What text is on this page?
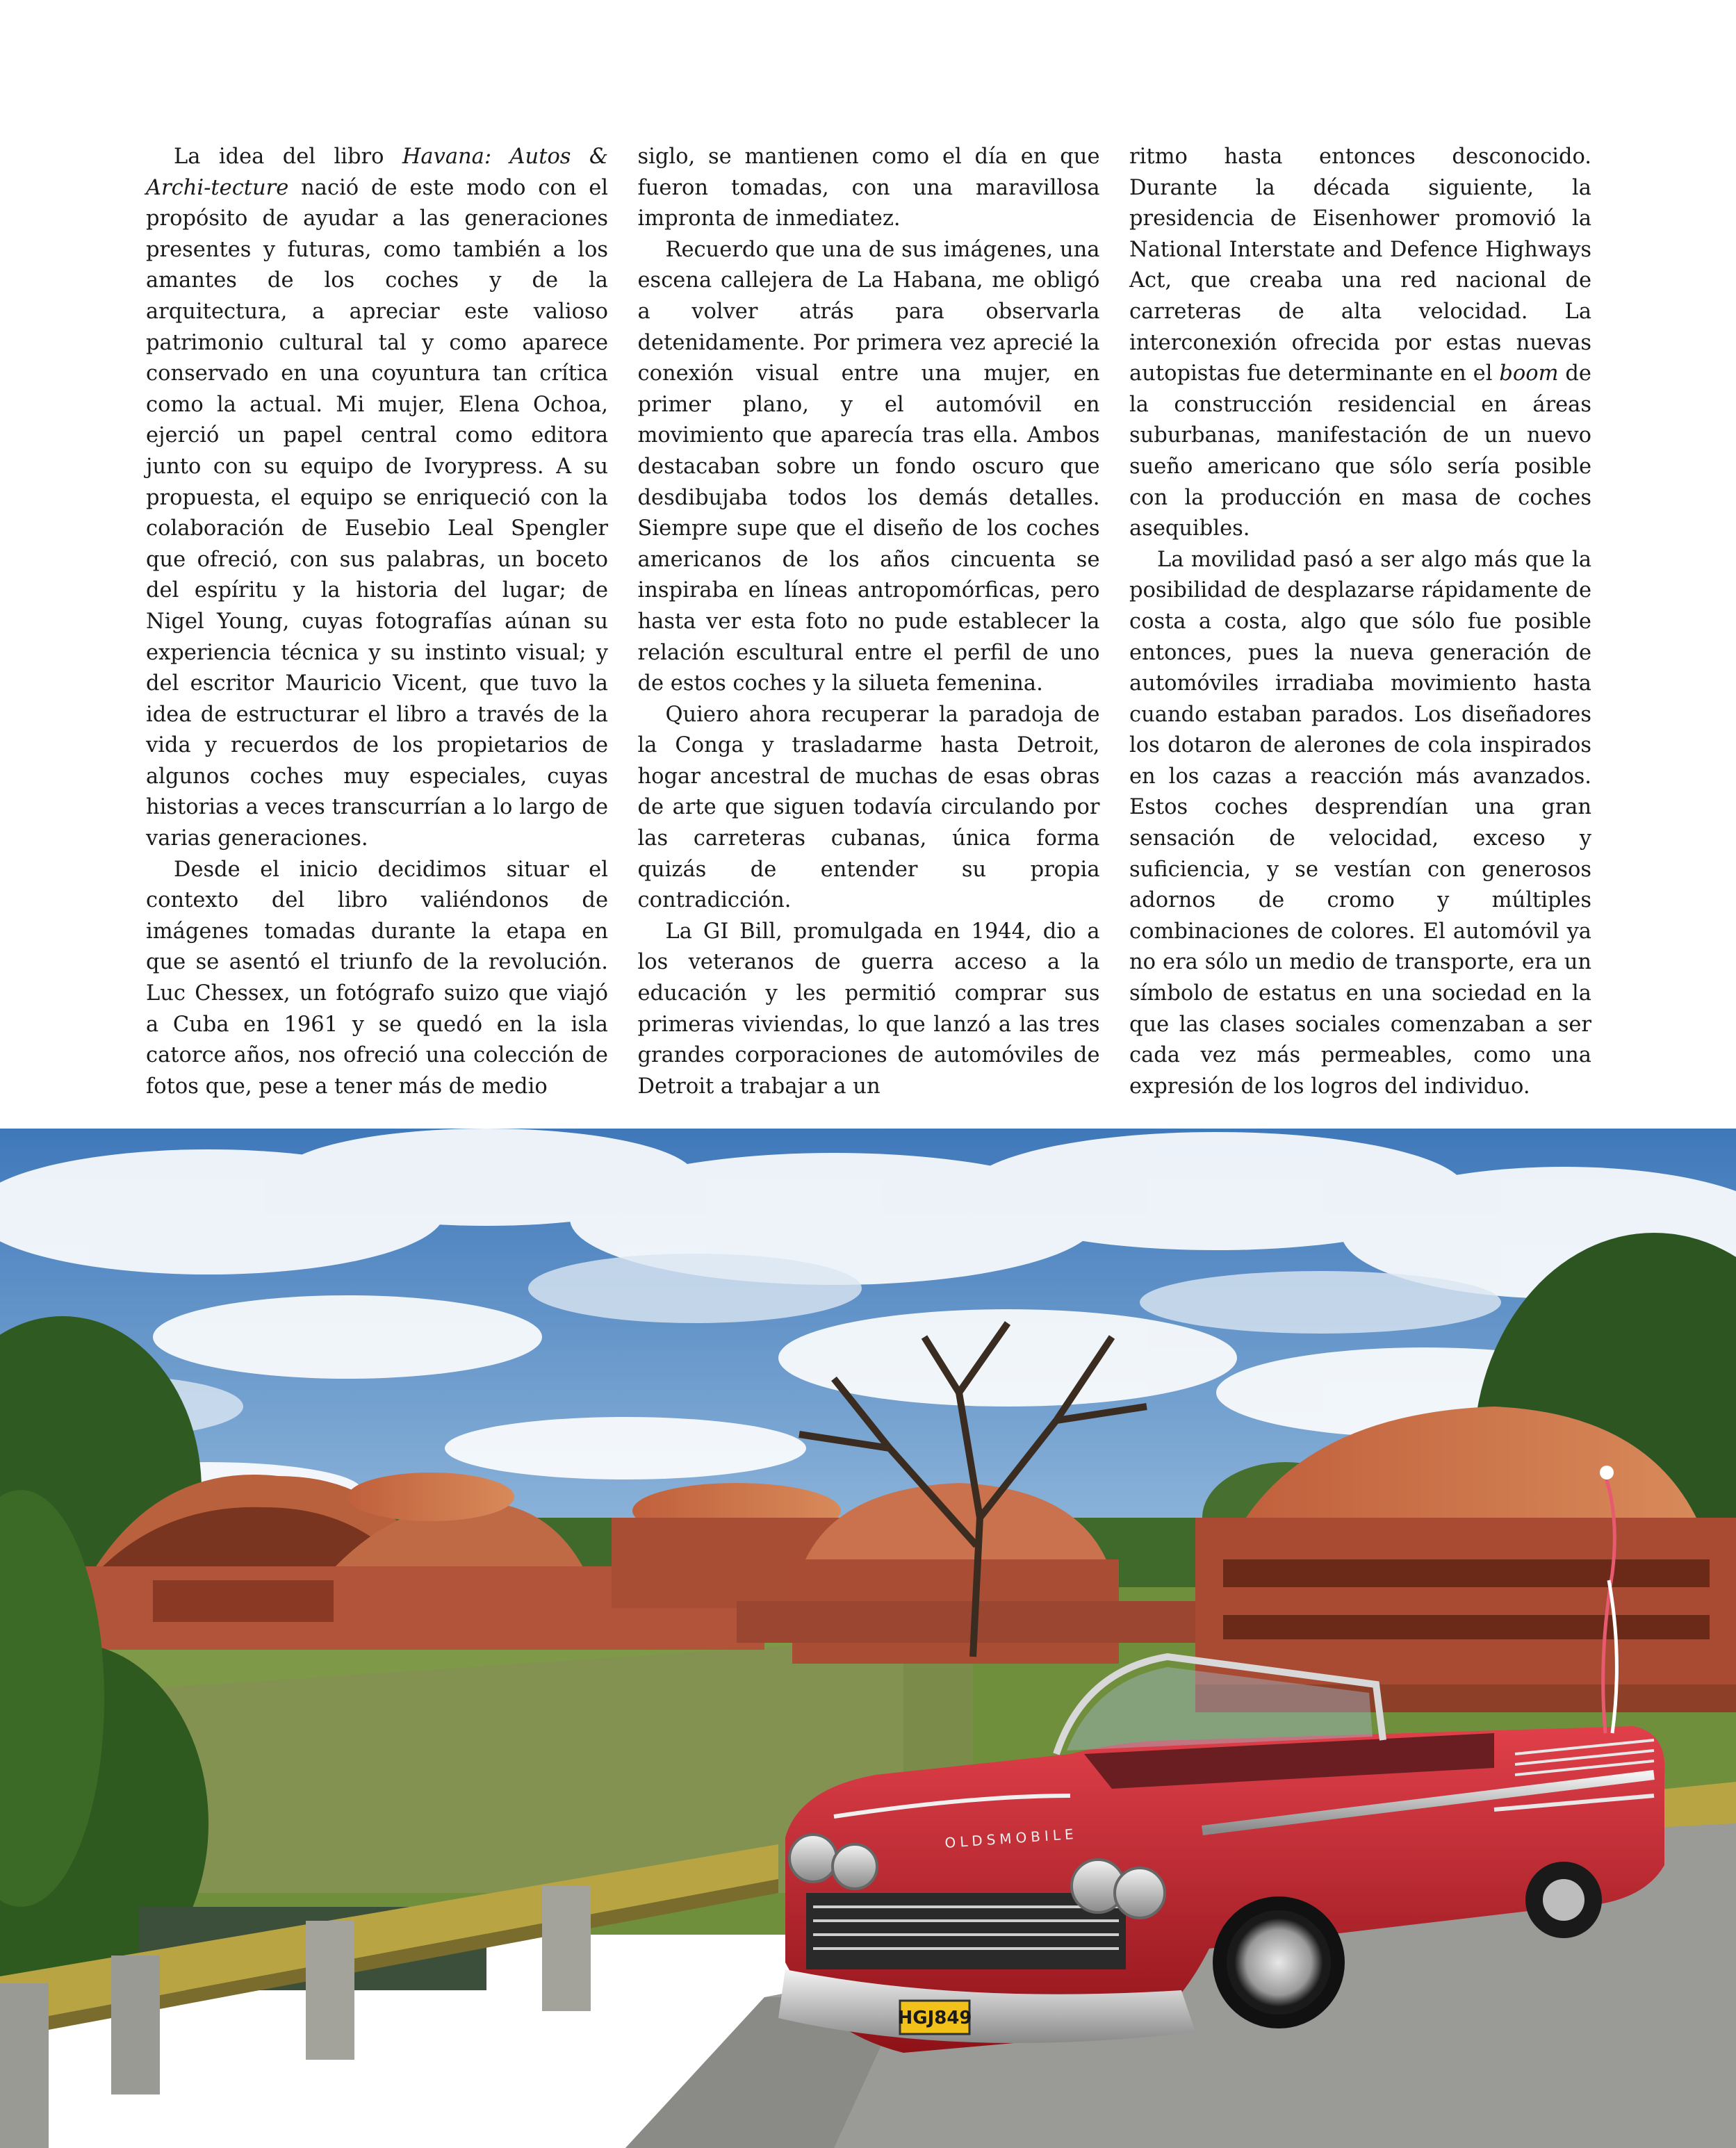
La idea del libro Havana: Autos & Archi-tecture nació de este modo con el propósito de ayudar a las generaciones presentes y futuras, como también a los amantes de los coches y de la arquitectura, a apreciar este valioso patrimonio cultural tal y como aparece conservado en una coyuntura tan crítica como la actual. Mi mujer, Elena Ochoa, ejerció un papel central como editora junto con su equipo de Ivorypress. A su propuesta, el equipo se enriqueció con la colaboración de Eusebio Leal Spengler que ofreció, con sus palabras, un boceto del espíritu y la historia del lugar; de Nigel Young, cuyas fotografías aúnan su experiencia técnica y su instinto visual; y del escritor Mauricio Vicent, que tuvo la idea de estructurar el libro a través de la vida y recuerdos de los propietarios de algunos coches muy especiales, cuyas historias a veces transcurrían a lo largo de varias generaciones.

Desde el inicio decidimos situar el contexto del libro valiéndonos de imágenes tomadas durante la etapa en que se asentó el triunfo de la revolución. Luc Chessex, un fotógrafo suizo que viajó a Cuba en 1961 y se quedó en la isla catorce años, nos ofreció una colección de fotos que, pese a tener más de medio

siglo, se mantienen como el día en que fueron tomadas, con una maravillosa impronta de inmediatez.

Recuerdo que una de sus imágenes, una escena callejera de La Habana, me obligó a volver atrás para observarla detenidamente. Por primera vez aprecié la conexión visual entre una mujer, en primer plano, y el automóvil en movimiento que aparecía tras ella. Ambos destacaban sobre un fondo oscuro que desdibujaba todos los demás detalles. Siempre supe que el diseño de los coches americanos de los años cincuenta se inspiraba en líneas antropomórficas, pero hasta ver esta foto no pude establecer la relación escultural entre el perfil de uno de estos coches y la silueta femenina.

Quiero ahora recuperar la paradoja de la Conga y trasladarme hasta Detroit, hogar ancestral de muchas de esas obras de arte que siguen todavía circulando por las carreteras cubanas, única forma quizás de entender su propia contradicción.

La GI Bill, promulgada en 1944, dio a los veteranos de guerra acceso a la educación y les permitió comprar sus primeras viviendas, lo que lanzó a las tres grandes corporaciones de automóviles de Detroit a trabajar a un

ritmo hasta entonces desconocido. Durante la década siguiente, la presidencia de Eisenhower promovió la National Interstate and Defence Highways Act, que creaba una red nacional de carreteras de alta velocidad. La interconexión ofrecida por estas nuevas autopistas fue determinante en el boom de la construcción residencial en áreas suburbanas, manifestación de un nuevo sueño americano que sólo sería posible con la producción en masa de coches asequibles.

La movilidad pasó a ser algo más que la posibilidad de desplazarse rápidamente de costa a costa, algo que sólo fue posible entonces, pues la nueva generación de automóviles irradiaba movimiento hasta cuando estaban parados. Los diseñadores los dotaron de alerones de cola inspirados en los cazas a reacción más avanzados. Estos coches desprendían una gran sensación de velocidad, exceso y suficiencia, y se vestían con generosos adornos de cromo y múltiples combinaciones de colores. El automóvil ya no era sólo un medio de transporte, era un símbolo de estatus en una sociedad en la que las clases sociales comenzaban a ser cada vez más permeables, como una expresión de los logros del individuo.

HGJ849
OLDSMOBILE
